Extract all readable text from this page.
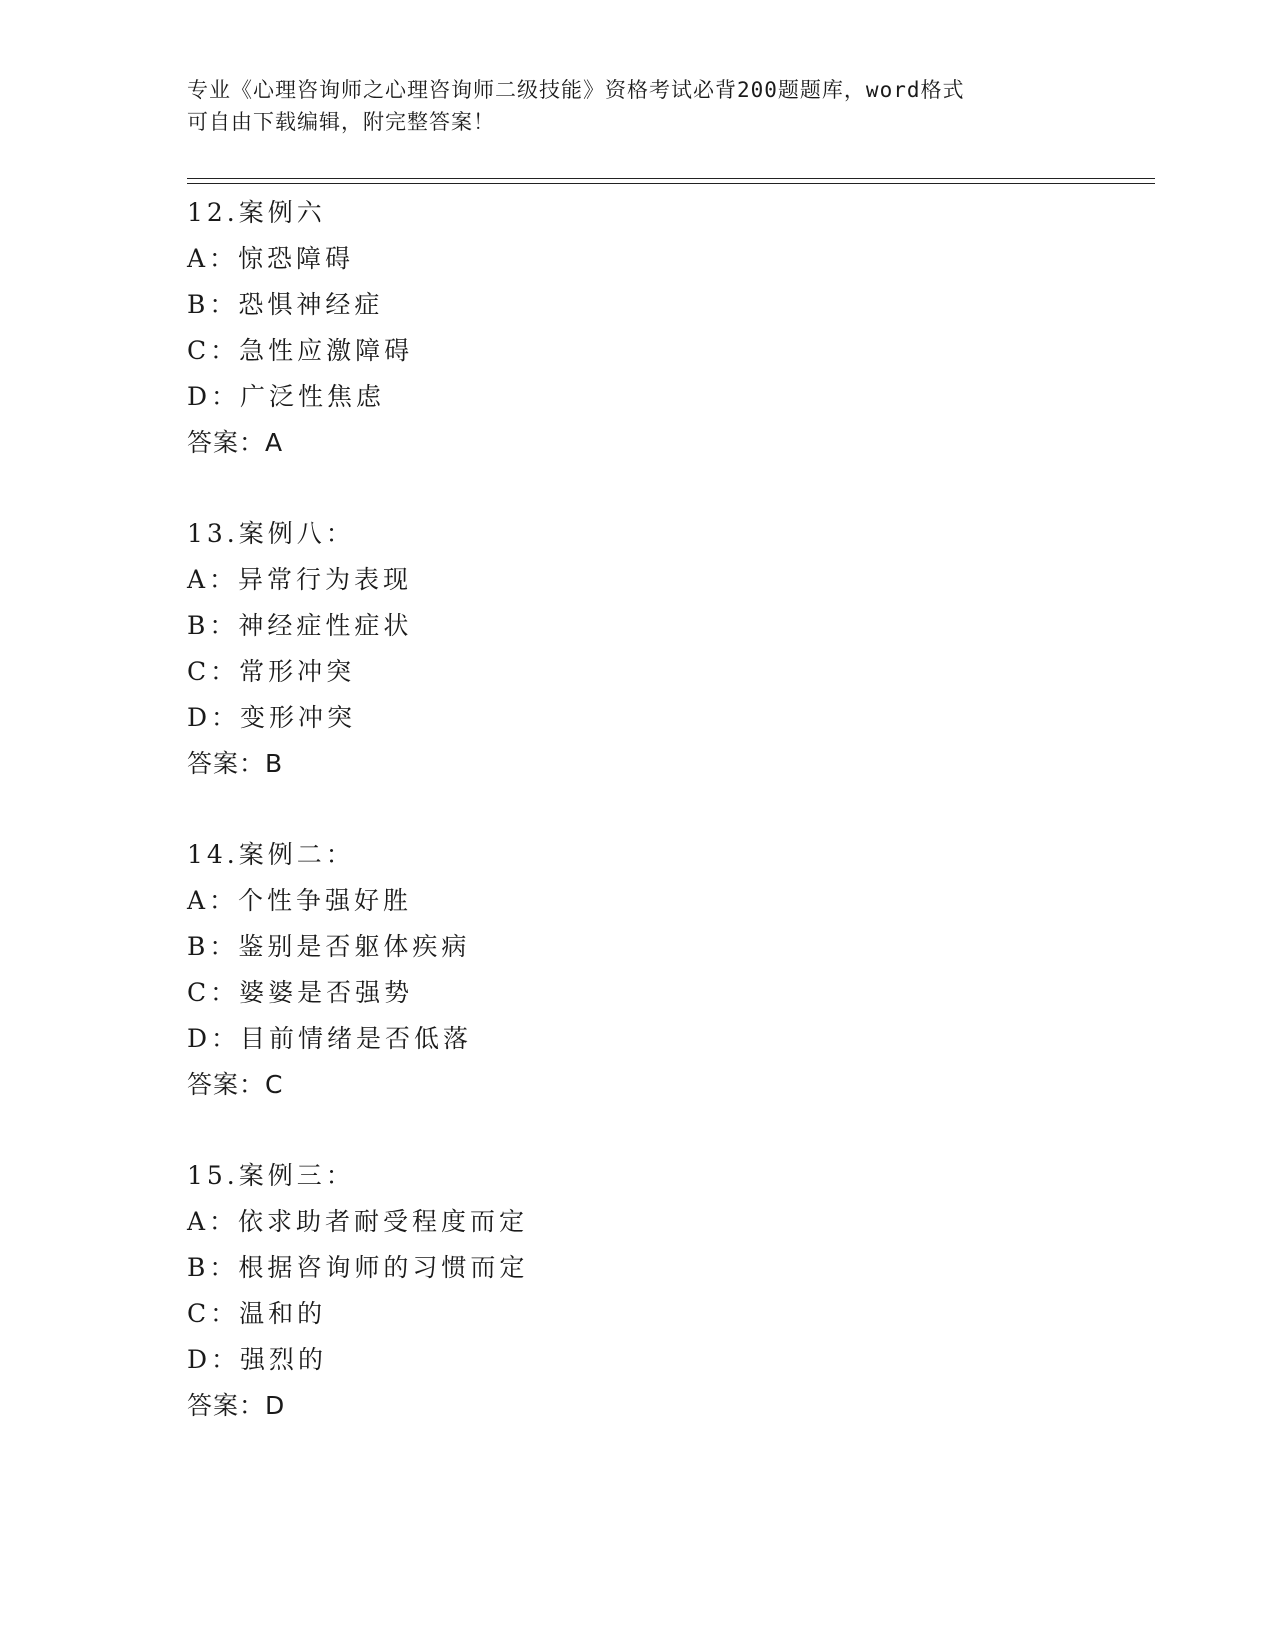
专业《心理咨询师之心理咨询师二级技能》资格考试必背200题题库，word格式
可自由下载编辑，附完整答案！
12.案例六
A：惊恐障碍
B：恐惧神经症
C：急性应激障碍
D：广泛性焦虑
答案：A
13.案例八：
A：异常行为表现
B：神经症性症状
C：常形冲突
D：变形冲突
答案：B
14.案例二：
A：个性争强好胜
B：鉴别是否躯体疾病
C：婆婆是否强势
D：目前情绪是否低落
答案：C
15.案例三：
A：依求助者耐受程度而定
B：根据咨询师的习惯而定
C：温和的
D：强烈的
答案：D
